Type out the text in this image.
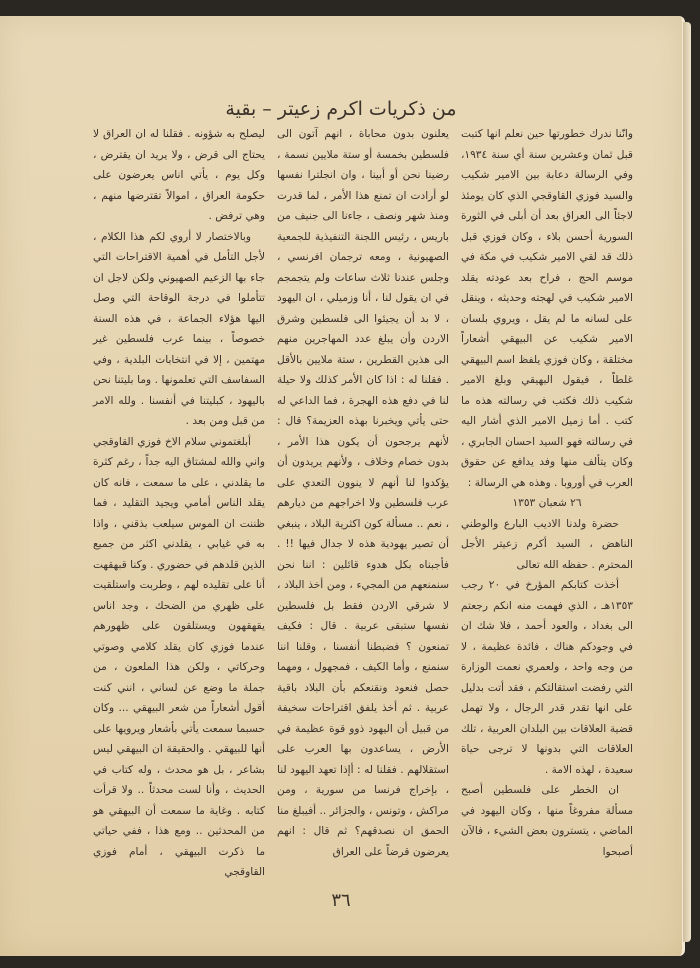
من ذكريات اكرم زعيتر – بقية

وانّنا ندرك خطورتها حين نعلم انها كتبت قبل ثمان وعشرين سنة أي سنة ١٩٣٤، وفي الرسالة دعابة بين الامير شكيب والسيد فوزي القاوقجي الذي كان يومئذ لاجئاً الى العراق بعد أن أبلى في الثورة السورية أحسن بلاء ، وكان فوزي قبل ذلك قد لقي الامير شكيب في مكة في موسم الحج ، فراح بعد عودته يقلد الامير شكيب في لهجته وحديثه ، وينقل على لسانه ما لم يقل ، ويروي بلسان الامير شكيب عن البيهقي أشعاراً مختلقة ، وكان فوزي يلفظ اسم البيهقي غلطاً ، فيقول البهيقي وبلغ الامير شكيب ذلك فكتب في رسالته هذه ما كتب . أما زميل الامير الذي أشار اليه في رسالته فهو السيد احسان الجابري ، وكان يتألف منها وفد يدافع عن حقوق العرب في أوروبا . وهذه هي الرسالة :

٢٦ شعبان ١٣٥٣

حضرة ولدنا الاديب البارع والوطني الناهض ، السيد أكرم زعيتر الأجل المحترم . حفظه الله تعالى

أخذت كتابكم المؤرخ في ٢٠ رجب ١٣٥٣هـ ، الذي فهمت منه انكم رجعتم الى بغداد ، والعود أحمد ، فلا شك ان في وجودكم هناك ، فائدة عظيمة ، لا من وجه واحد ، ولعمري نعمت الوزارة التي رفضت استقالتكم ، فقد أتت بدليل على انها تقدر قدر الرجال ، ولا تهمل قضية العلاقات بين البلدان العربية ، تلك العلاقات التي بدونها لا ترجى حياة سعيدة ، لهذه الامة .

ان الخطر على فلسطين أصبح مسألة مفروغاً منها ، وكان اليهود في الماضي ، يتسترون بعض الشيء ، فالآن أصبحوا

يعلنون بدون محاباة ، انهم آتون الى فلسطين بخمسة أو ستة ملايين نسمة ، رضينا نحن أو أبينا ، وان انجلترا نفسها لو أرادت ان تمنع هذا الأمر ، لما قدرت ومنذ شهر ونصف ، جاءنا الى جنيف من باريس ، رئيس اللجنة التنفيذية للجمعية الصهيونية ، ومعه ترجمان افرنسي ، وجلس عندنا ثلاث ساعات ولم يتجمجم في ان يقول لنا ، أنا وزميلي ، ان اليهود ، لا بد أن يجيئوا الى فلسطين وشرق الاردن وأن يبلغ عدد المهاجرين منهم الى هذين القطرين ، ستة ملايين بالأقل . فقلنا له : اذا كان الأمر كذلك ولا حيلة لنا في دفع هذه الهجرة ، فما الداعي له حتى يأتي ويخبرنا بهذه العزيمة؟ قال : لأنهم يرجحون أن يكون هذا الأمر ، بدون خصام وخلاف ، ولأنهم يريدون أن يؤكدوا لنا أنهم لا ينوون التعدي على عرب فلسطين ولا اخراجهم من ديارهم ، نعم .. مسألة كون اكثرية البلاد ، ينبغي أن تصير يهودية هذه لا جدال فيها !! . فأجبناه بكل هدوء قائلين : اننا نحن سنمنعهم من المجيء ، ومن أخذ البلاد ، لا شرقي الاردن فقط بل فلسطين نفسها ستبقى عربية . قال : فكيف تمنعون ؟ فضبطنا أنفسنا ، وقلنا اننا سنمنع ، وأما الكيف ، فمجهول ، ومهما حصل فنعود ونقنعكم بأن البلاد باقية عربية . ثم أخذ يلفق اقتراحات سخيفة من قبيل أن اليهود ذوو قوة عظيمة في الأرض ، يساعدون بها العرب على استقلالهم . فقلنا له : أإذا تعهد اليهود لنا ، بإخراج فرنسا من سورية ، ومن مراكش ، وتونس ، والجزائر .. أفيبلغ منا الحمق ان نصدقهم؟ ثم قال : انهم يعرضون قرضاً على العراق

ليصلح به شؤونه . فقلنا له ان العراق لا يحتاج الى قرض ، ولا يريد ان يقترض ، وكل يوم ، يأتي اناس يعرضون على حكومة العراق ، اموالاً تقترضها منهم ، وهي ترفض .

وبالاختصار لا أروي لكم هذا الكلام ، لأجل التأمل في أهمية الاقتراحات التي جاء بها الزعيم الصهيوني ولكن لاجل ان تتأملوا في درجة الوقاحة التي وصل اليها هؤلاء الجماعة ، في هذه السنة خصوصاً ، بينما عرب فلسطين غير مهتمين ، إلا في انتخابات البلدية ، وفي السفاسف التي تعلمونها . وما بليتنا نحن باليهود ، كبليتنا في أنفسنا . ولله الامر من قبل ومن بعد .

أبلغتموني سلام الاخ فوزي القاوقجي واني والله لمشتاق اليه جداً ، رغم كثرة ما يقلدني ، على ما سمعت ، فانه كان يقلد الناس أمامي ويجيد التقليد ، فما ظننت ان الموس سيلعب بذقني ، واذا به في غيابي ، يقلدني اكثر من جميع الذين قلدهم في حضوري . وكنا قبهقهت أنا على تقليده لهم ، وطربت واستلقيت على ظهري من الضحك ، وجد اناس يقهقهون ويستلقون على ظهورهم عندما فوزي كان يقلد كلامي وصوتي وحركاتي ، ولكن هذا الملعون ، من جملة ما وضع عن لساني ، انني كنت أقول أشعاراً من شعر البيهقي ... وكان حسبما سمعت يأتي بأشعار ويرويها على أنها للبيهقي . والحقيقة ان البيهقي ليس بشاعر ، بل هو محدث ، وله كتاب في الحديث ، وأنا لست محدثاً .. ولا قرأت كتابه . وغاية ما سمعت أن البيهقي هو من المحدثين .. ومع هذا ، ففي حياتي ما ذكرت البيهقي ، أمام فوزي القاوقجي

٣٦
